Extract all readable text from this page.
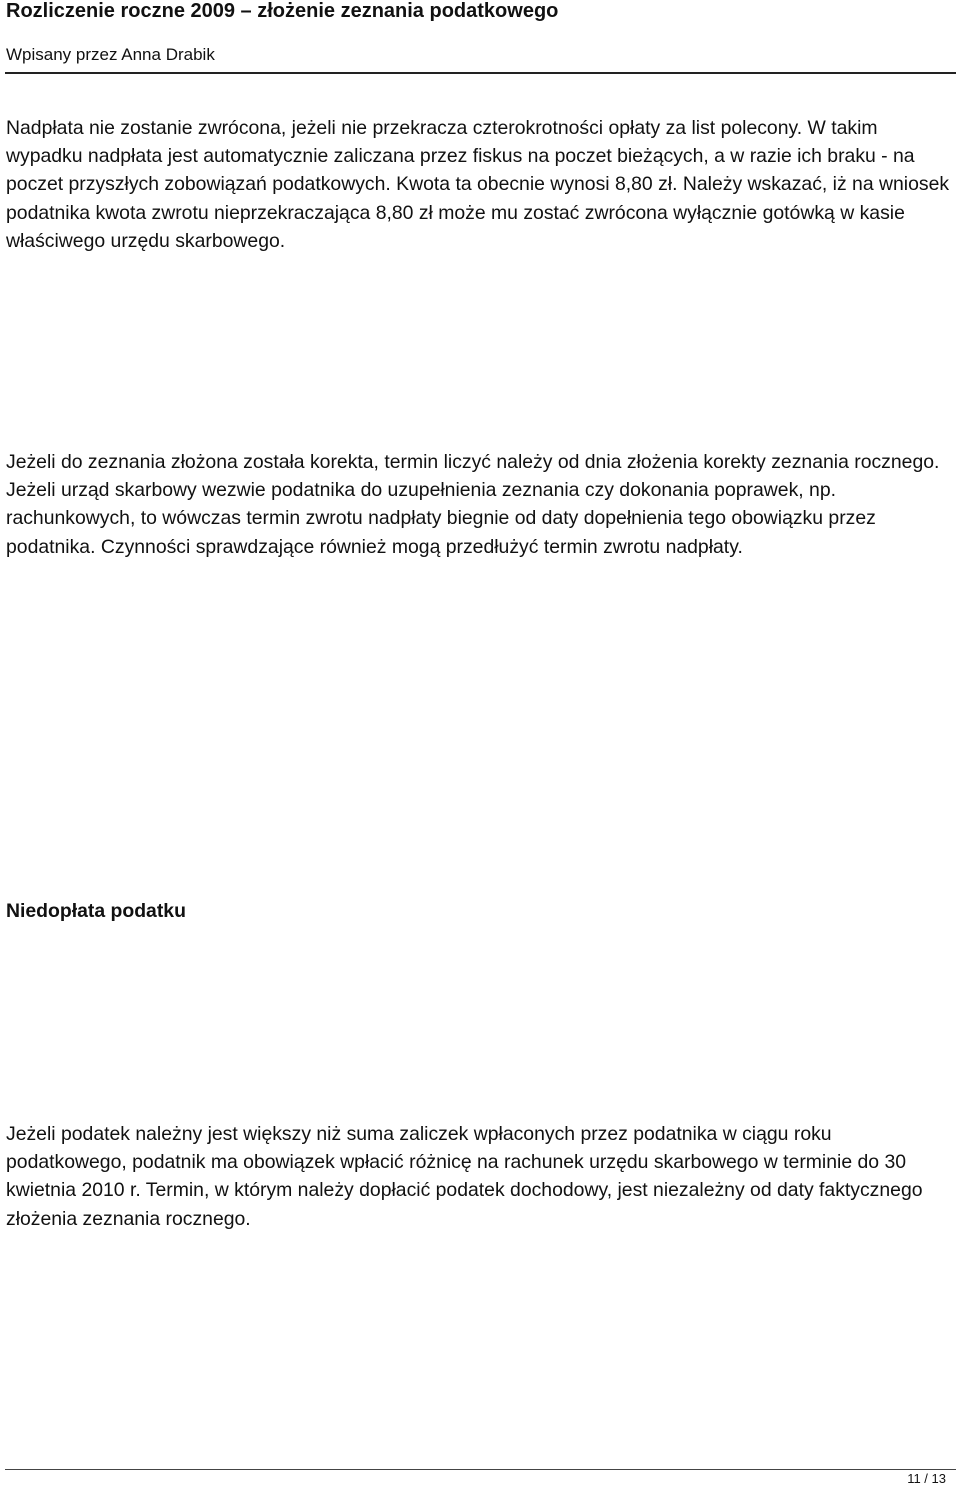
Rozliczenie roczne 2009 – złożenie zeznania podatkowego
Wpisany przez Anna Drabik

Nadpłata nie zostanie zwrócona, jeżeli nie przekracza czterokrotności opłaty za list polecony. W takim wypadku nadpłata jest automatycznie zaliczana przez fiskus na poczet bieżących, a w razie ich braku - na poczet przyszłych zobowiązań podatkowych. Kwota ta obecnie wynosi 8,80 zł. Należy wskazać, iż na wniosek podatnika kwota zwrotu nieprzekraczająca 8,80 zł może mu zostać zwrócona wyłącznie gotówką w kasie właściwego urzędu skarbowego.

Jeżeli do zeznania złożona została korekta, termin liczyć należy od dnia złożenia korekty zeznania rocznego. Jeżeli urząd skarbowy wezwie podatnika do uzupełnienia zeznania czy dokonania poprawek, np. rachunkowych, to wówczas termin zwrotu nadpłaty biegnie od daty dopełnienia tego obowiązku przez podatnika. Czynności sprawdzające również mogą przedłużyć termin zwrotu nadpłaty.

Niedopłata podatku

Jeżeli podatek należny jest większy niż suma zaliczek wpłaconych przez podatnika w ciągu roku podatkowego, podatnik ma obowiązek wpłacić różnicę na rachunek urzędu skarbowego w terminie do 30 kwietnia 2010 r. Termin, w którym należy dopłacić podatek dochodowy, jest niezależny od daty faktycznego złożenia zeznania rocznego.

11 / 13
